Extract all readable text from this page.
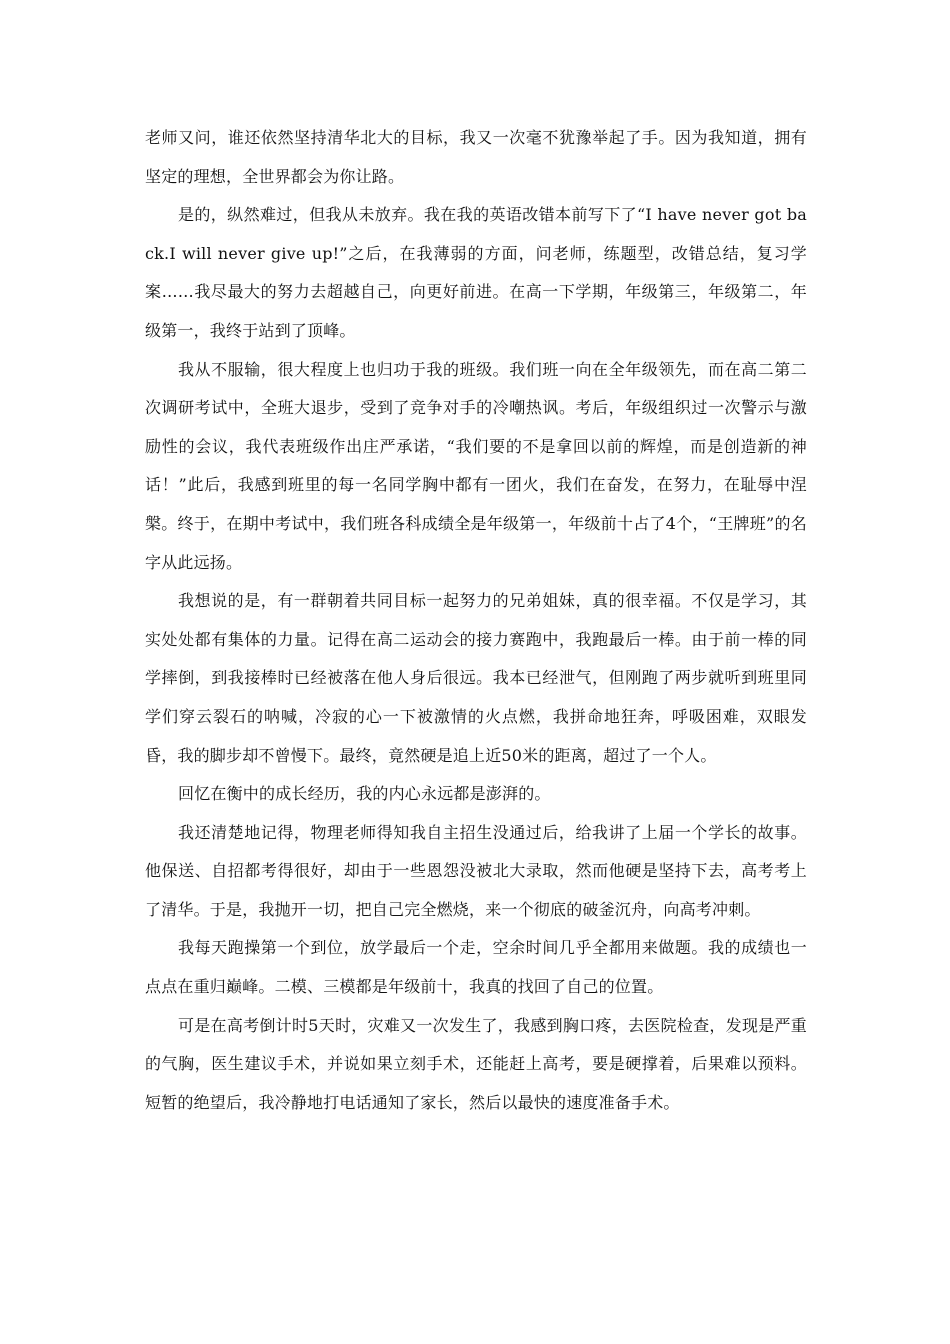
老师又问，谁还依然坚持清华北大的目标，我又一次毫不犹豫举起了手。因为我知道，拥有坚定的理想，全世界都会为你让路。

是的，纵然难过，但我从未放弃。我在我的英语改错本前写下了“I have never got back.I will never give up!”之后，在我薄弱的方面，问老师，练题型，改错总结，复习学案……我尽最大的努力去超越自己，向更好前进。在高一下学期，年级第三，年级第二，年级第一，我终于站到了顶峰。

我从不服输，很大程度上也归功于我的班级。我们班一向在全年级领先，而在高二第二次调研考试中，全班大退步，受到了竞争对手的冷嘲热讽。考后，年级组织过一次警示与激励性的会议，我代表班级作出庄严承诺，“我们要的不是拿回以前的辉煌，而是创造新的神话！”此后，我感到班里的每一名同学胸中都有一团火，我们在奋发，在努力，在耻辱中涅槃。终于，在期中考试中，我们班各科成绩全是年级第一，年级前十占了4个，“王牌班”的名字从此远扬。

我想说的是，有一群朝着共同目标一起努力的兄弟姐妹，真的很幸福。不仅是学习，其实处处都有集体的力量。记得在高二运动会的接力赛跑中，我跑最后一棒。由于前一棒的同学摔倒，到我接棒时已经被落在他人身后很远。我本已经泄气，但刚跑了两步就听到班里同学们穿云裂石的呐喊，冷寂的心一下被激情的火点燃，我拼命地狂奔，呼吸困难，双眼发昏，我的脚步却不曾慢下。最终，竟然硬是追上近50米的距离，超过了一个人。

回忆在衡中的成长经历，我的内心永远都是澎湃的。

我还清楚地记得，物理老师得知我自主招生没通过后，给我讲了上届一个学长的故事。他保送、自招都考得很好，却由于一些恩怨没被北大录取，然而他硬是坚持下去，高考考上了清华。于是，我抛开一切，把自己完全燃烧，来一个彻底的破釜沉舟，向高考冲刺。

我每天跑操第一个到位，放学最后一个走，空余时间几乎全都用来做题。我的成绩也一点点在重归巅峰。二模、三模都是年级前十，我真的找回了自己的位置。

可是在高考倒计时5天时，灾难又一次发生了，我感到胸口疼，去医院检查，发现是严重的气胸，医生建议手术，并说如果立刻手术，还能赶上高考，要是硬撑着，后果难以预料。短暂的绝望后，我冷静地打电话通知了家长，然后以最快的速度准备手术。
